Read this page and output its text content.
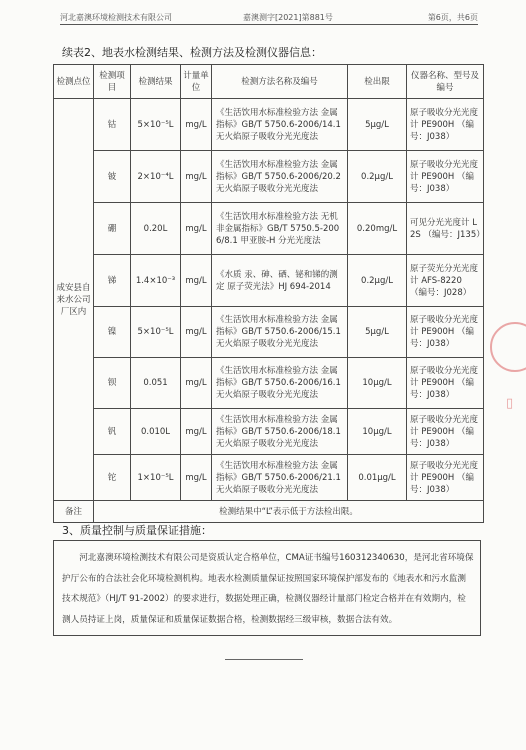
河北嘉澳环境检测技术有限公司	嘉澳测字[2021]第881号	第6页，共6页
续表2、地表水检测结果、检测方法及检测仪器信息：
检测点位	检测项目	检测结果	计量单位	检测方法名称及编号	检出限	仪器名称、型号及编号
成安县自来水公司厂区内	钴	5×10⁻⁵L	mg/L	《生活饮用水标准检验方法 金属指标》GB/T 5750.6-2006/14.1 无火焰原子吸收分光光度法	5μg/L	原子吸收分光光度计 PE900H （编号：J038）
	铍	2×10⁻⁴L	mg/L	《生活饮用水标准检验方法 金属指标》GB/T 5750.6-2006/20.2 无火焰原子吸收分光光度法	0.2μg/L	原子吸收分光光度计 PE900H （编号：J038）
	硼	0.20L	mg/L	《生活饮用水标准检验方法 无机非金属指标》GB/T 5750.5-2006/8.1 甲亚胺-H 分光光度法	0.20mg/L	可见分光光度计 L2S （编号：J135）
	锑	1.4×10⁻³	mg/L	《水质 汞、砷、硒、铋和锑的测定 原子荧光法》HJ 694-2014	0.2μg/L	原子荧光分光光度计 AFS-8220 （编号：J028）
	镍	5×10⁻⁵L	mg/L	《生活饮用水标准检验方法 金属指标》GB/T 5750.6-2006/15.1 无火焰原子吸收分光光度法	5μg/L	原子吸收分光光度计 PE900H （编号：J038）
	钡	0.051	mg/L	《生活饮用水标准检验方法 金属指标》GB/T 5750.6-2006/16.1 无火焰原子吸收分光光度法	10μg/L	原子吸收分光光度计 PE900H （编号：J038）
	钒	0.010L	mg/L	《生活饮用水标准检验方法 金属指标》GB/T 5750.6-2006/18.1 无火焰原子吸收分光光度法	10μg/L	原子吸收分光光度计 PE900H （编号：J038）
	铊	1×10⁻⁵L	mg/L	《生活饮用水标准检验方法 金属指标》GB/T 5750.6-2006/21.1 无火焰原子吸收分光光度法	0.01μg/L	原子吸收分光光度计 PE900H （编号：J038）
备注	检测结果中“L”表示低于方法检出限。					
3、质量控制与质量保证措施：
河北嘉澳环境检测技术有限公司是资质认定合格单位，CMA证书编号160312340630，是河北省环境保护厅公布的合法社会化环境检测机构。地表水检测质量保证按照国家环境保护部发布的《地表水和污水监测技术规范》（HJ/T 91-2002）的要求进行，数据处理正确，检测仪器经计量部门检定合格并在有效期内，检测人员持证上岗，质量保证和质量保证数据合格，检测数据经三级审核，数据合法有效。
▯
